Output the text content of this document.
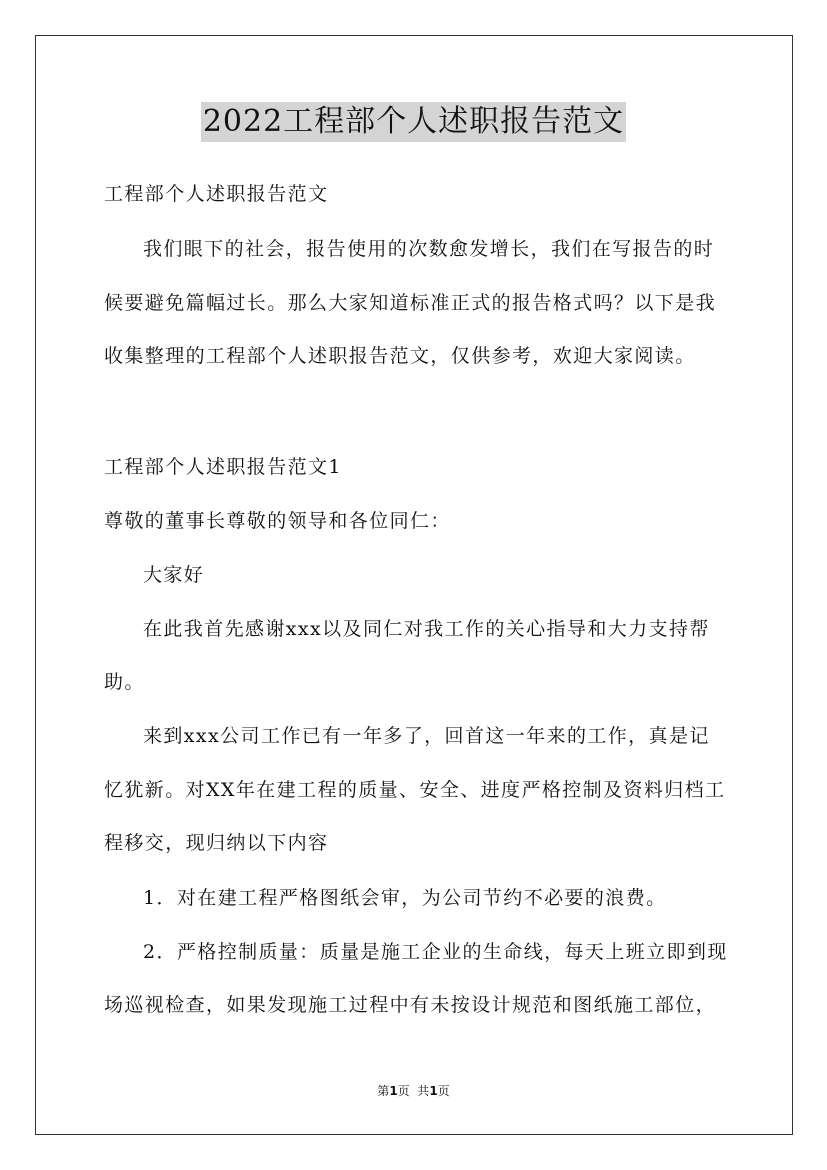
2022工程部个人述职报告范文
工程部个人述职报告范文
我们眼下的社会，报告使用的次数愈发增长，我们在写报告的时
候要避免篇幅过长。那么大家知道标准正式的报告格式吗？以下是我
收集整理的工程部个人述职报告范文，仅供参考，欢迎大家阅读。
工程部个人述职报告范文1
尊敬的董事长尊敬的领导和各位同仁：
大家好
在此我首先感谢xxx以及同仁对我工作的关心指导和大力支持帮
助。
来到xxx公司工作已有一年多了，回首这一年来的工作，真是记
忆犹新。对XX年在建工程的质量、安全、进度严格控制及资料归档工
程移交，现归纳以下内容
1．对在建工程严格图纸会审，为公司节约不必要的浪费。
2．严格控制质量：质量是施工企业的生命线，每天上班立即到现
场巡视检查，如果发现施工过程中有未按设计规范和图纸施工部位，
第1页  共1页
